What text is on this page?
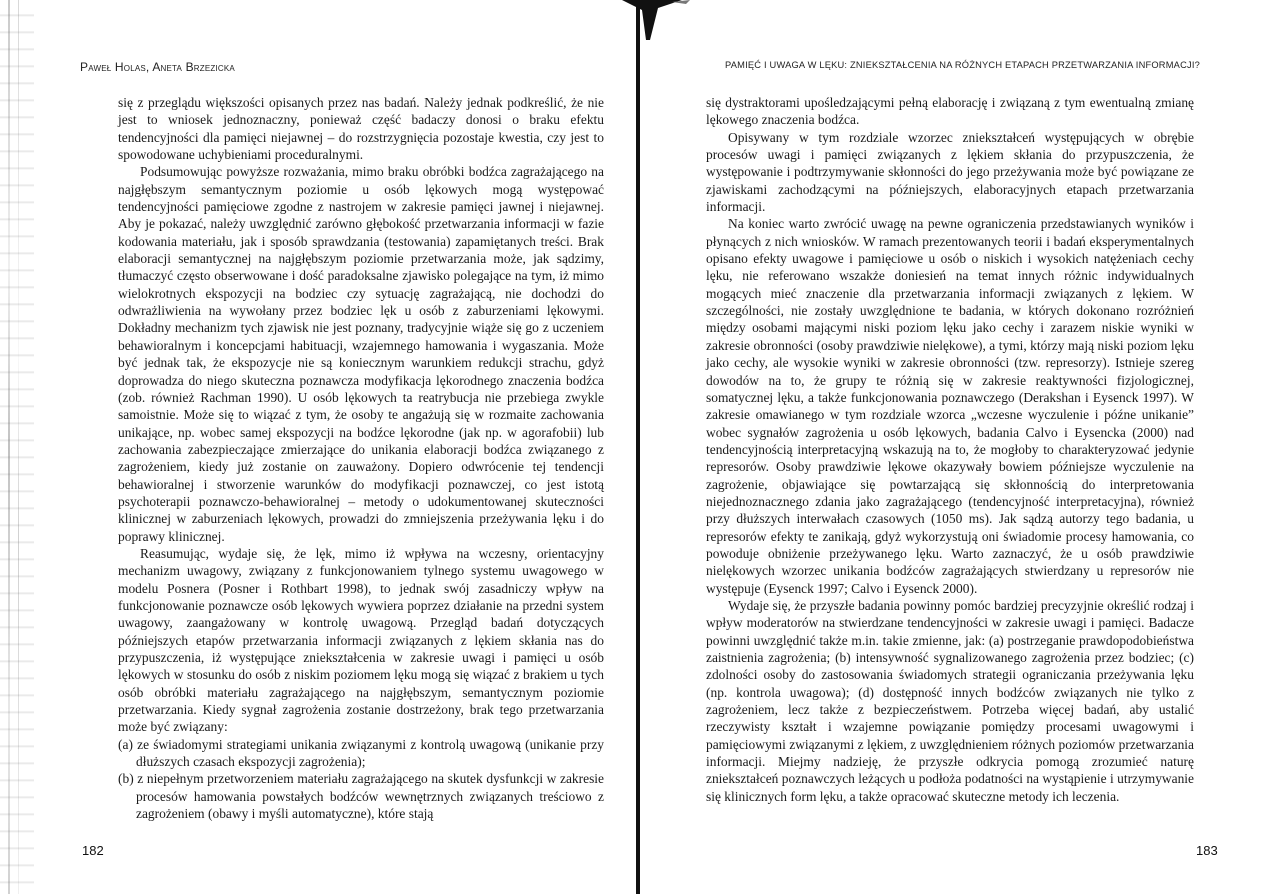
Paweł Holas, Aneta Brzezicka

się z przeglądu większości opisanych przez nas badań. Należy jednak podkreślić, że nie jest to wniosek jednoznaczny, ponieważ część badaczy donosi o braku efektu tendencyjności dla pamięci niejawnej – do rozstrzygnięcia pozostaje kwestia, czy jest to spowodowane uchybieniami proceduralnymi.

Podsumowując powyższe rozważania, mimo braku obróbki bodźca zagrażającego na najgłębszym semantycznym poziomie u osób lękowych mogą występować tendencyjności pamięciowe zgodne z nastrojem w zakresie pamięci jawnej i niejawnej. Aby je pokazać, należy uwzględnić zarówno głębokość przetwarzania informacji w fazie kodowania materiału, jak i sposób sprawdzania (testowania) zapamiętanych treści. Brak elaboracji semantycznej na najgłębszym poziomie przetwarzania może, jak sądzimy, tłumaczyć często obserwowane i dość paradoksalne zjawisko polegające na tym, iż mimo wielokrotnych ekspozycji na bodziec czy sytuację zagrażającą, nie dochodzi do odwrażliwienia na wywołany przez bodziec lęk u osób z zaburzeniami lękowymi. Dokładny mechanizm tych zjawisk nie jest poznany, tradycyjnie wiąże się go z uczeniem behawioralnym i koncepcjami habituacji, wzajemnego hamowania i wygaszania. Może być jednak tak, że ekspozycje nie są koniecznym warunkiem redukcji strachu, gdyż doprowadza do niego skuteczna poznawcza modyfikacja lękorodnego znaczenia bodźca (zob. również Rachman 1990). U osób lękowych ta reatrybucja nie przebiega zwykle samoistnie. Może się to wiązać z tym, że osoby te angażują się w rozmaite zachowania unikające, np. wobec samej ekspozycji na bodźce lękorodne (jak np. w agorafobii) lub zachowania zabezpieczające zmierzające do unikania elaboracji bodźca związanego z zagrożeniem, kiedy już zostanie on zauważony. Dopiero odwrócenie tej tendencji behawioralnej i stworzenie warunków do modyfikacji poznawczej, co jest istotą psychoterapii poznawczo-behawioralnej – metody o udokumentowanej skuteczności klinicznej w zaburzeniach lękowych, prowadzi do zmniejszenia przeżywania lęku i do poprawy klinicznej.

Reasumując, wydaje się, że lęk, mimo iż wpływa na wczesny, orientacyjny mechanizm uwagowy, związany z funkcjonowaniem tylnego systemu uwagowego w modelu Posnera (Posner i Rothbart 1998), to jednak swój zasadniczy wpływ na funkcjonowanie poznawcze osób lękowych wywiera poprzez działanie na przedni system uwagowy, zaangażowany w kontrolę uwagową. Przegląd badań dotyczących późniejszych etapów przetwarzania informacji związanych z lękiem skłania nas do przypuszczenia, iż występujące zniekształcenia w zakresie uwagi i pamięci u osób lękowych w stosunku do osób z niskim poziomem lęku mogą się wiązać z brakiem u tych osób obróbki materiału zagrażającego na najgłębszym, semantycznym poziomie przetwarzania. Kiedy sygnał zagrożenia zostanie dostrzeżony, brak tego przetwarzania może być związany:

(a) ze świadomymi strategiami unikania związanymi z kontrolą uwagową (unikanie przy dłuższych czasach ekspozycji zagrożenia);

(b) z niepełnym przetworzeniem materiału zagrażającego na skutek dysfunkcji w zakresie procesów hamowania powstałych bodźców wewnętrznych związanych treściowo z zagrożeniem (obawy i myśli automatyczne), które stają

182
PAMIĘĆ I UWAGA W LĘKU: ZNIEKSZTAŁCENIA NA RÓŻNYCH ETAPACH PRZETWARZANIA INFORMACJI?

się dystraktorami upośledzającymi pełną elaborację i związaną z tym ewentualną zmianę lękowego znaczenia bodźca.

Opisywany w tym rozdziale wzorzec zniekształceń występujących w obrębie procesów uwagi i pamięci związanych z lękiem skłania do przypuszczenia, że występowanie i podtrzymywanie skłonności do jego przeżywania może być powiązane ze zjawiskami zachodzącymi na późniejszych, elaboracyjnych etapach przetwarzania informacji.

Na koniec warto zwrócić uwagę na pewne ograniczenia przedstawianych wyników i płynących z nich wniosków. W ramach prezentowanych teorii i badań eksperymentalnych opisano efekty uwagowe i pamięciowe u osób o niskich i wysokich natężeniach cechy lęku, nie referowano wszakże doniesień na temat innych różnic indywidualnych mogących mieć znaczenie dla przetwarzania informacji związanych z lękiem. W szczególności, nie zostały uwzględnione te badania, w których dokonano rozróżnień między osobami mającymi niski poziom lęku jako cechy i zarazem niskie wyniki w zakresie obronności (osoby prawdziwie nielękowe), a tymi, którzy mają niski poziom lęku jako cechy, ale wysokie wyniki w zakresie obronności (tzw. represorzy). Istnieje szereg dowodów na to, że grupy te różnią się w zakresie reaktywności fizjologicznej, somatycznej lęku, a także funkcjonowania poznawczego (Derakshan i Eysenck 1997). W zakresie omawianego w tym rozdziale wzorca „wczesne wyczulenie i późne unikanie” wobec sygnałów zagrożenia u osób lękowych, badania Calvo i Eysencka (2000) nad tendencyjnością interpretacyjną wskazują na to, że mogłoby to charakteryzować jedynie represorów. Osoby prawdziwie lękowe okazywały bowiem późniejsze wyczulenie na zagrożenie, objawiające się powtarzającą się skłonnością do interpretowania niejednoznacznego zdania jako zagrażającego (tendencyjność interpretacyjna), również przy dłuższych interwałach czasowych (1050 ms). Jak sądzą autorzy tego badania, u represorów efekty te zanikają, gdyż wykorzystują oni świadomie procesy hamowania, co powoduje obniżenie przeżywanego lęku. Warto zaznaczyć, że u osób prawdziwie nielękowych wzorzec unikania bodźców zagrażających stwierdzany u represorów nie występuje (Eysenck 1997; Calvo i Eysenck 2000).

Wydaje się, że przyszłe badania powinny pomóc bardziej precyzyjnie określić rodzaj i wpływ moderatorów na stwierdzane tendencyjności w zakresie uwagi i pamięci. Badacze powinni uwzględnić także m.in. takie zmienne, jak: (a) postrzeganie prawdopodobieństwa zaistnienia zagrożenia; (b) intensywność sygnalizowanego zagrożenia przez bodziec; (c) zdolności osoby do zastosowania świadomych strategii ograniczania przeżywania lęku (np. kontrola uwagowa); (d) dostępność innych bodźców związanych nie tylko z zagrożeniem, lecz także z bezpieczeństwem. Potrzeba więcej badań, aby ustalić rzeczywisty kształt i wzajemne powiązanie pomiędzy procesami uwagowymi i pamięciowymi związanymi z lękiem, z uwzględnieniem różnych poziomów przetwarzania informacji. Miejmy nadzieję, że przyszłe odkrycia pomogą zrozumieć naturę zniekształceń poznawczych leżących u podłoża podatności na wystąpienie i utrzymywanie się klinicznych form lęku, a także opracować skuteczne metody ich leczenia.

183
